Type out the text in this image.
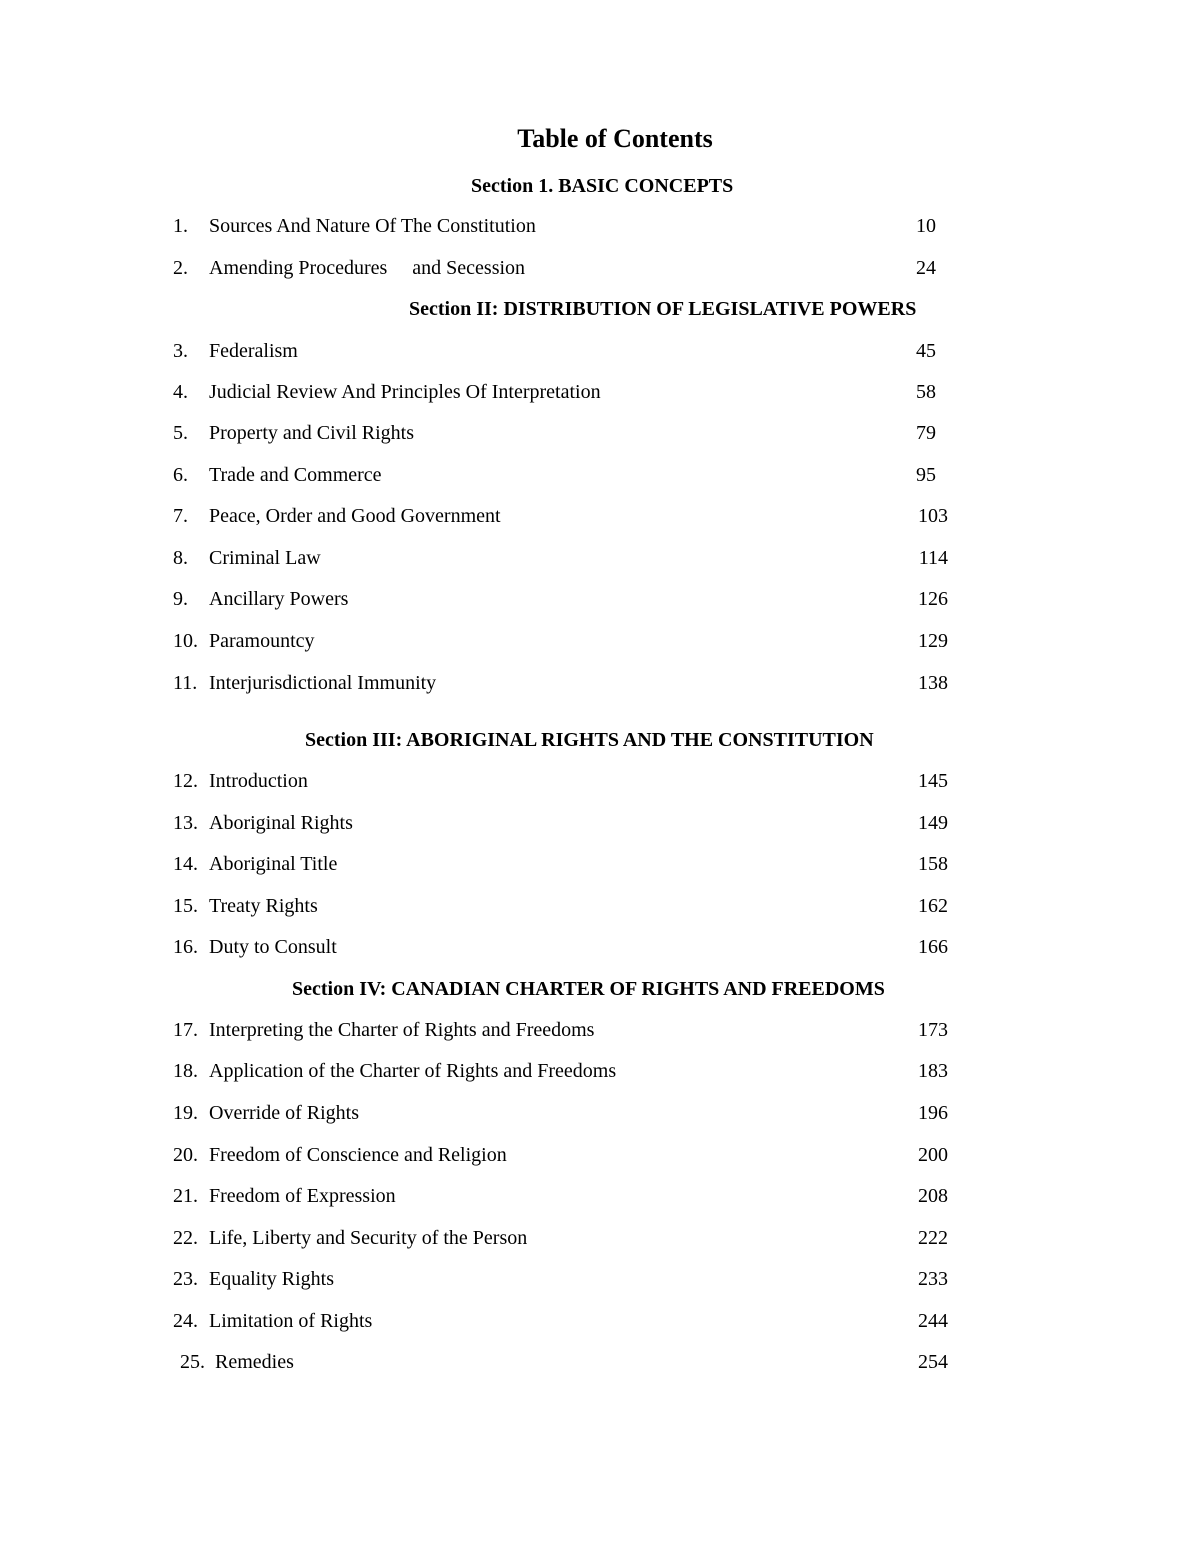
Table of Contents
Section 1. BASIC CONCEPTS
1. Sources And Nature Of The Constitution	10
2. Amending Procedures     and Secession	24
Section II: DISTRIBUTION OF LEGISLATIVE POWERS
3. Federalism	45
4. Judicial Review And Principles Of Interpretation	58
5. Property and Civil Rights	79
6. Trade and Commerce	95
7. Peace, Order and Good Government	103
8. Criminal Law	114
9. Ancillary Powers	126
10. Paramountcy	129
11. Interjurisdictional Immunity	138
Section III: ABORIGINAL RIGHTS AND THE CONSTITUTION
12. Introduction	145
13. Aboriginal Rights	149
14. Aboriginal Title	158
15. Treaty Rights	162
16. Duty to Consult	166
Section IV: CANADIAN CHARTER OF RIGHTS AND FREEDOMS
17. Interpreting the Charter of Rights and Freedoms	173
18. Application of the Charter of Rights and Freedoms	183
19. Override of Rights	196
20. Freedom of Conscience and Religion	200
21. Freedom of Expression	208
22. Life, Liberty and Security of the Person	222
23. Equality Rights	233
24. Limitation of Rights	244
25. Remedies	254
